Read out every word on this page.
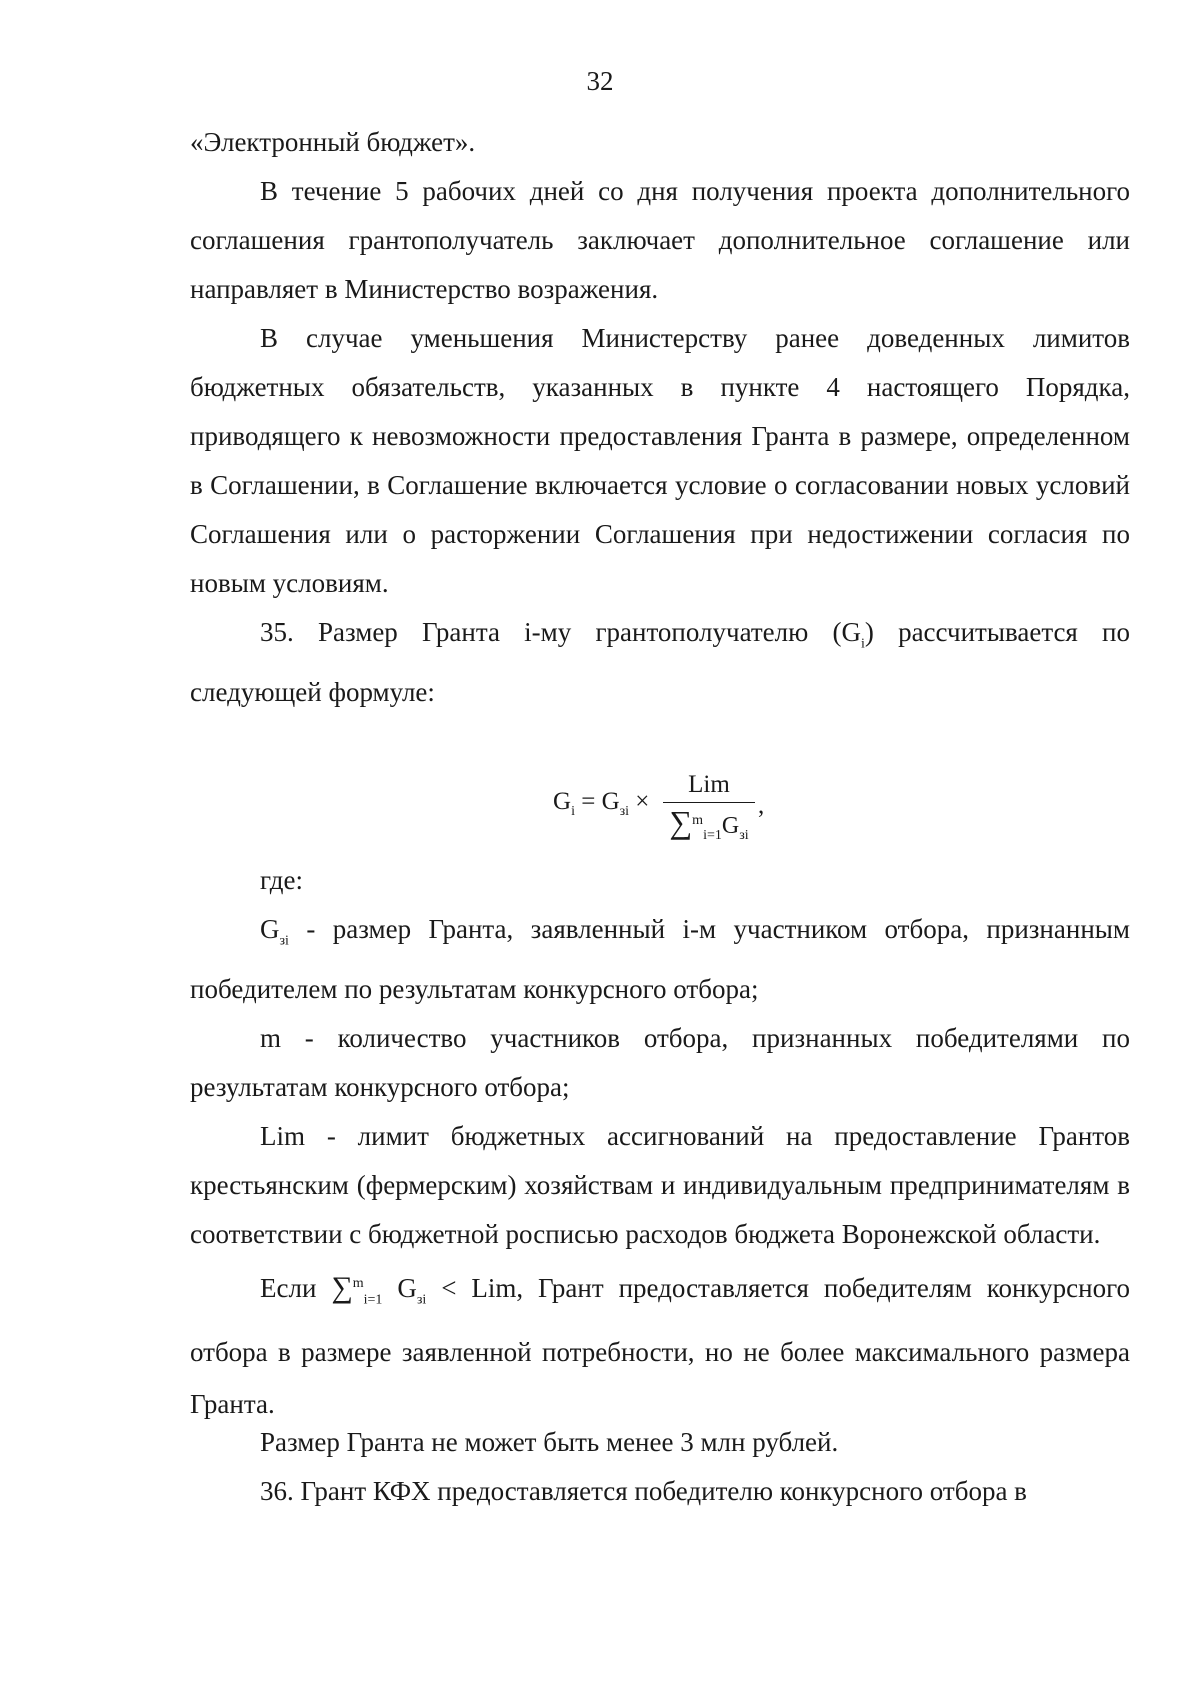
32

«Электронный бюджет».

В течение 5 рабочих дней со дня получения проекта дополнительного соглашения грантополучатель заключает дополнительное соглашение или направляет в Министерство возражения.

В случае уменьшения Министерству ранее доведенных лимитов бюджетных обязательств, указанных в пункте 4 настоящего Порядка, приводящего к невозможности предоставления Гранта в размере, определенном в Соглашении, в Соглашение включается условие о согласовании новых условий Соглашения или о расторжении Соглашения при недостижении согласия по новым условиям.

35. Размер Гранта i-му грантополучателю $(G_i)$ рассчитывается по следующей формуле:

$G_i = G_{зi}$ ×
Lim
$\sum^m_{i=1}G_{зi}$
,

где:

$G_{зi}$ - размер Гранта, заявленный i-м участником отбора, признанным победителем по результатам конкурсного отбора;

m - количество участников отбора, признанных победителями по результатам конкурсного отбора;

Lim - лимит бюджетных ассигнований на предоставление Грантов крестьянским (фермерским) хозяйствам и индивидуальным предпринимателям в соответствии с бюджетной росписью расходов бюджета Воронежской области.

Если ∑$^m_{i=1}$ $G_{зi}$ < Lim, Грант предоставляется победителям конкурсного отбора в размере заявленной потребности, но не более максимального размера Гранта.

Размер Гранта не может быть менее 3 млн рублей.

36. Грант КФХ предоставляется победителю конкурсного отбора в
